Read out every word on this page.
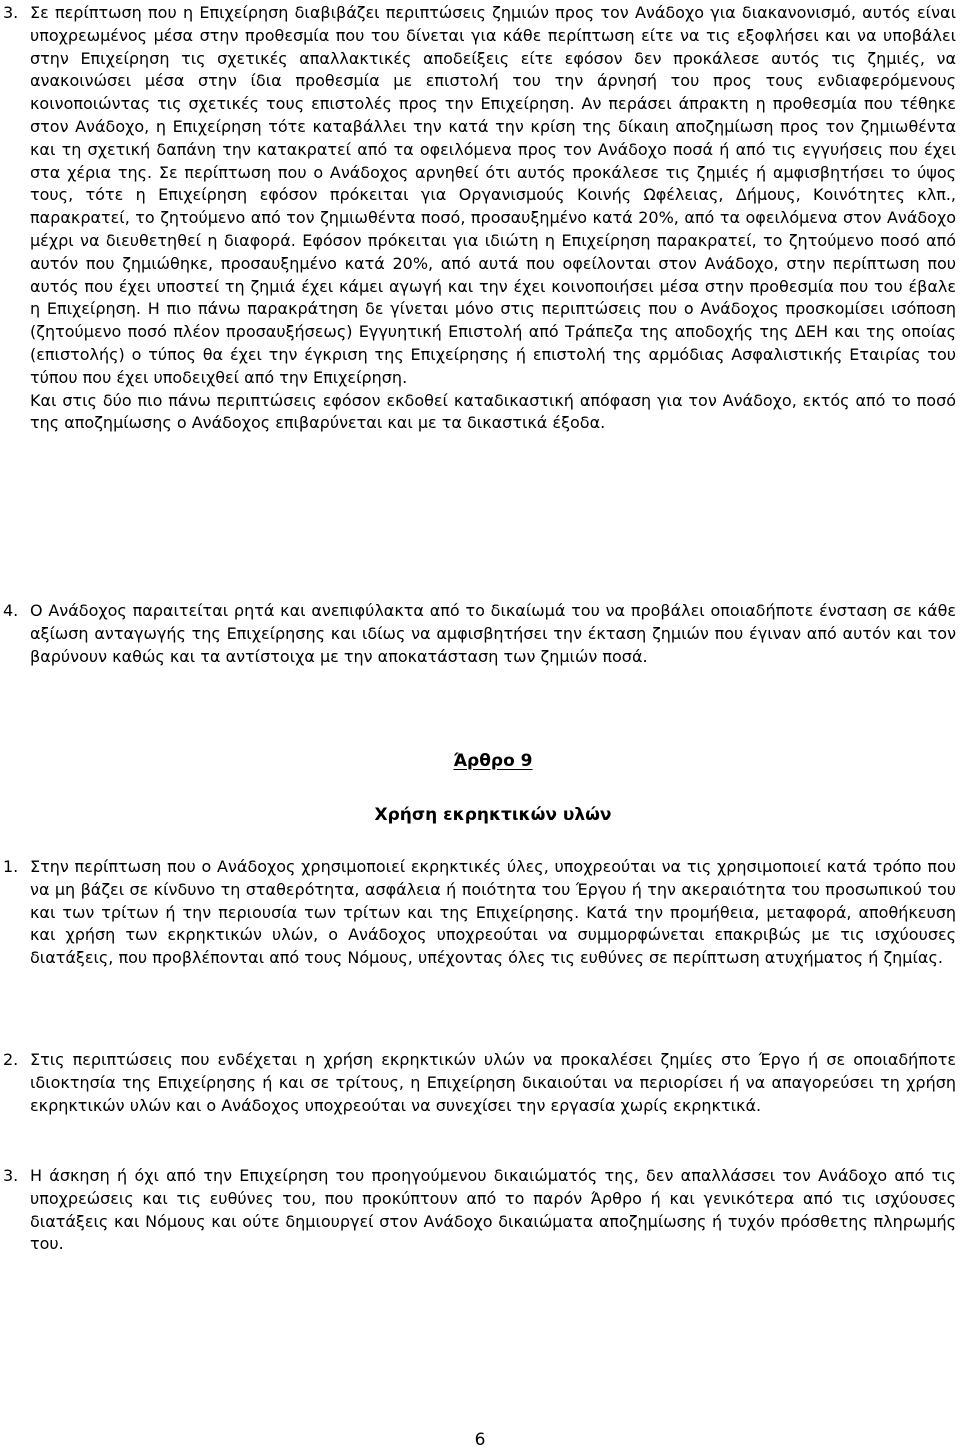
3. Σε περίπτωση που η Επιχείρηση διαβιβάζει περιπτώσεις ζημιών προς τον Ανάδοχο για διακανονισμό, αυτός είναι υποχρεωμένος μέσα στην προθεσμία που του δίνεται για κάθε περίπτωση είτε να τις εξοφλήσει και να υποβάλει στην Επιχείρηση τις σχετικές απαλλακτικές αποδείξεις είτε εφόσον δεν προκάλεσε αυτός τις ζημιές, να ανακοινώσει μέσα στην ίδια προθεσμία με επιστολή του την άρνησή του προς τους ενδιαφερόμενους κοινοποιώντας τις σχετικές τους επιστολές προς την Επιχείρηση. Αν περάσει άπρακτη η προθεσμία που τέθηκε στον Ανάδοχο, η Επιχείρηση τότε καταβάλλει την κατά την κρίση της δίκαιη αποζημίωση προς τον ζημιωθέντα και τη σχετική δαπάνη την κατακρατεί από τα οφειλόμενα προς τον Ανάδοχο ποσά ή από τις εγγυήσεις που έχει στα χέρια της. Σε περίπτωση που ο Ανάδοχος αρνηθεί ότι αυτός προκάλεσε τις ζημιές ή αμφισβητήσει το ύψος τους, τότε η Επιχείρηση εφόσον πρόκειται για Οργανισμούς Κοινής Ωφέλειας, Δήμους, Κοινότητες κλπ., παρακρατεί, το ζητούμενο από τον ζημιωθέντα ποσό, προσαυξημένο κατά 20%, από τα οφειλόμενα στον Ανάδοχο μέχρι να διευθετηθεί η διαφορά. Εφόσον πρόκειται για ιδιώτη η Επιχείρηση παρακρατεί, το ζητούμενο ποσό από αυτόν που ζημιώθηκε, προσαυξημένο κατά 20%, από αυτά που οφείλονται στον Ανάδοχο, στην περίπτωση που αυτός που έχει υποστεί τη ζημιά έχει κάμει αγωγή και την έχει κοινοποιήσει μέσα στην προθεσμία που του έβαλε η Επιχείρηση. Η πιο πάνω παρακράτηση δε γίνεται μόνο στις περιπτώσεις που ο Ανάδοχος προσκομίσει ισόποση (ζητούμενο ποσό πλέον προσαυξήσεως) Εγγυητική Επιστολή από Τράπεζα της αποδοχής της ΔΕΗ και της οποίας (επιστολής) ο τύπος θα έχει την έγκριση της Επιχείρησης ή επιστολή της αρμόδιας Ασφαλιστικής Εταιρίας του τύπου που έχει υποδειχθεί από την Επιχείρηση.

Και στις δύο πιο πάνω περιπτώσεις εφόσον εκδοθεί καταδικαστική απόφαση για τον Ανάδοχο, εκτός από το ποσό της αποζημίωσης ο Ανάδοχος επιβαρύνεται και με τα δικαστικά έξοδα.

4. Ο Ανάδοχος παραιτείται ρητά και ανεπιφύλακτα από το δικαίωμά του να προβάλει οποιαδήποτε ένσταση σε κάθε αξίωση ανταγωγής της Επιχείρησης και ιδίως να αμφισβητήσει την έκταση ζημιών που έγιναν από αυτόν και τον βαρύνουν καθώς και τα αντίστοιχα με την αποκατάσταση των ζημιών ποσά.

Άρθρο 9

Χρήση εκρηκτικών υλών

1. Στην περίπτωση που ο Ανάδοχος χρησιμοποιεί εκρηκτικές ύλες, υποχρεούται να τις χρησιμοποιεί κατά τρόπο που να μη βάζει σε κίνδυνο τη σταθερότητα, ασφάλεια ή ποιότητα του Έργου ή την ακεραιότητα του προσωπικού του και των τρίτων ή την περιουσία των τρίτων και της Επιχείρησης. Κατά την προμήθεια, μεταφορά, αποθήκευση και χρήση των εκρηκτικών υλών, ο Ανάδοχος υποχρεούται να συμμορφώνεται επακριβώς με τις ισχύουσες διατάξεις, που προβλέπονται από τους Νόμους, υπέχοντας όλες τις ευθύνες σε περίπτωση ατυχήματος ή ζημίας.

2. Στις περιπτώσεις που ενδέχεται η χρήση εκρηκτικών υλών να προκαλέσει ζημίες στο Έργο ή σε οποιαδήποτε ιδιοκτησία της Επιχείρησης ή και σε τρίτους, η Επιχείρηση δικαιούται να περιορίσει ή να απαγορεύσει τη χρήση εκρηκτικών υλών και ο Ανάδοχος υποχρεούται να συνεχίσει την εργασία χωρίς εκρηκτικά.

3. Η άσκηση ή όχι από την Επιχείρηση του προηγούμενου δικαιώματός της, δεν απαλλάσσει τον Ανάδοχο από τις υποχρεώσεις και τις ευθύνες του, που προκύπτουν από το παρόν Άρθρο ή και γενικότερα από τις ισχύουσες διατάξεις και Νόμους και ούτε δημιουργεί στον Ανάδοχο δικαιώματα αποζημίωσης ή τυχόν πρόσθετης πληρωμής του.

6
